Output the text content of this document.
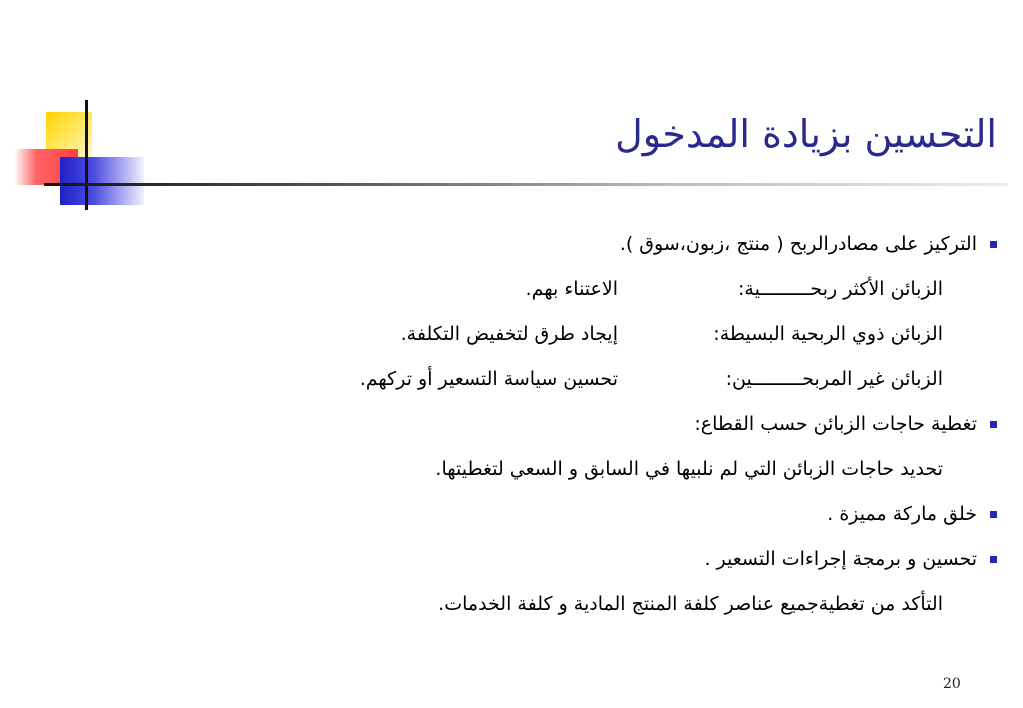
التحسين بزيادة المدخول
التركيز على مصادرالربح ( منتج ،زبون،سوق ).
الزبائن الأكثر ربحـــــــــية:الاعتناء بهم.
الزبائن ذوي الربحية البسيطة:إيجاد طرق لتخفيض التكلفة.
الزبائن غير المربحـــــــــين:تحسين سياسة التسعير أو تركهم.
تغطية حاجات الزبائن حسب القطاع:
تحديد حاجات الزبائن التي لم نلبيها في السابق و السعي لتغطيتها.
خلق ماركة مميزة .
تحسين و برمجة إجراءات التسعير .
التأكد من تغطيةجميع عناصر كلفة المنتج المادية و كلفة الخدمات.
20
